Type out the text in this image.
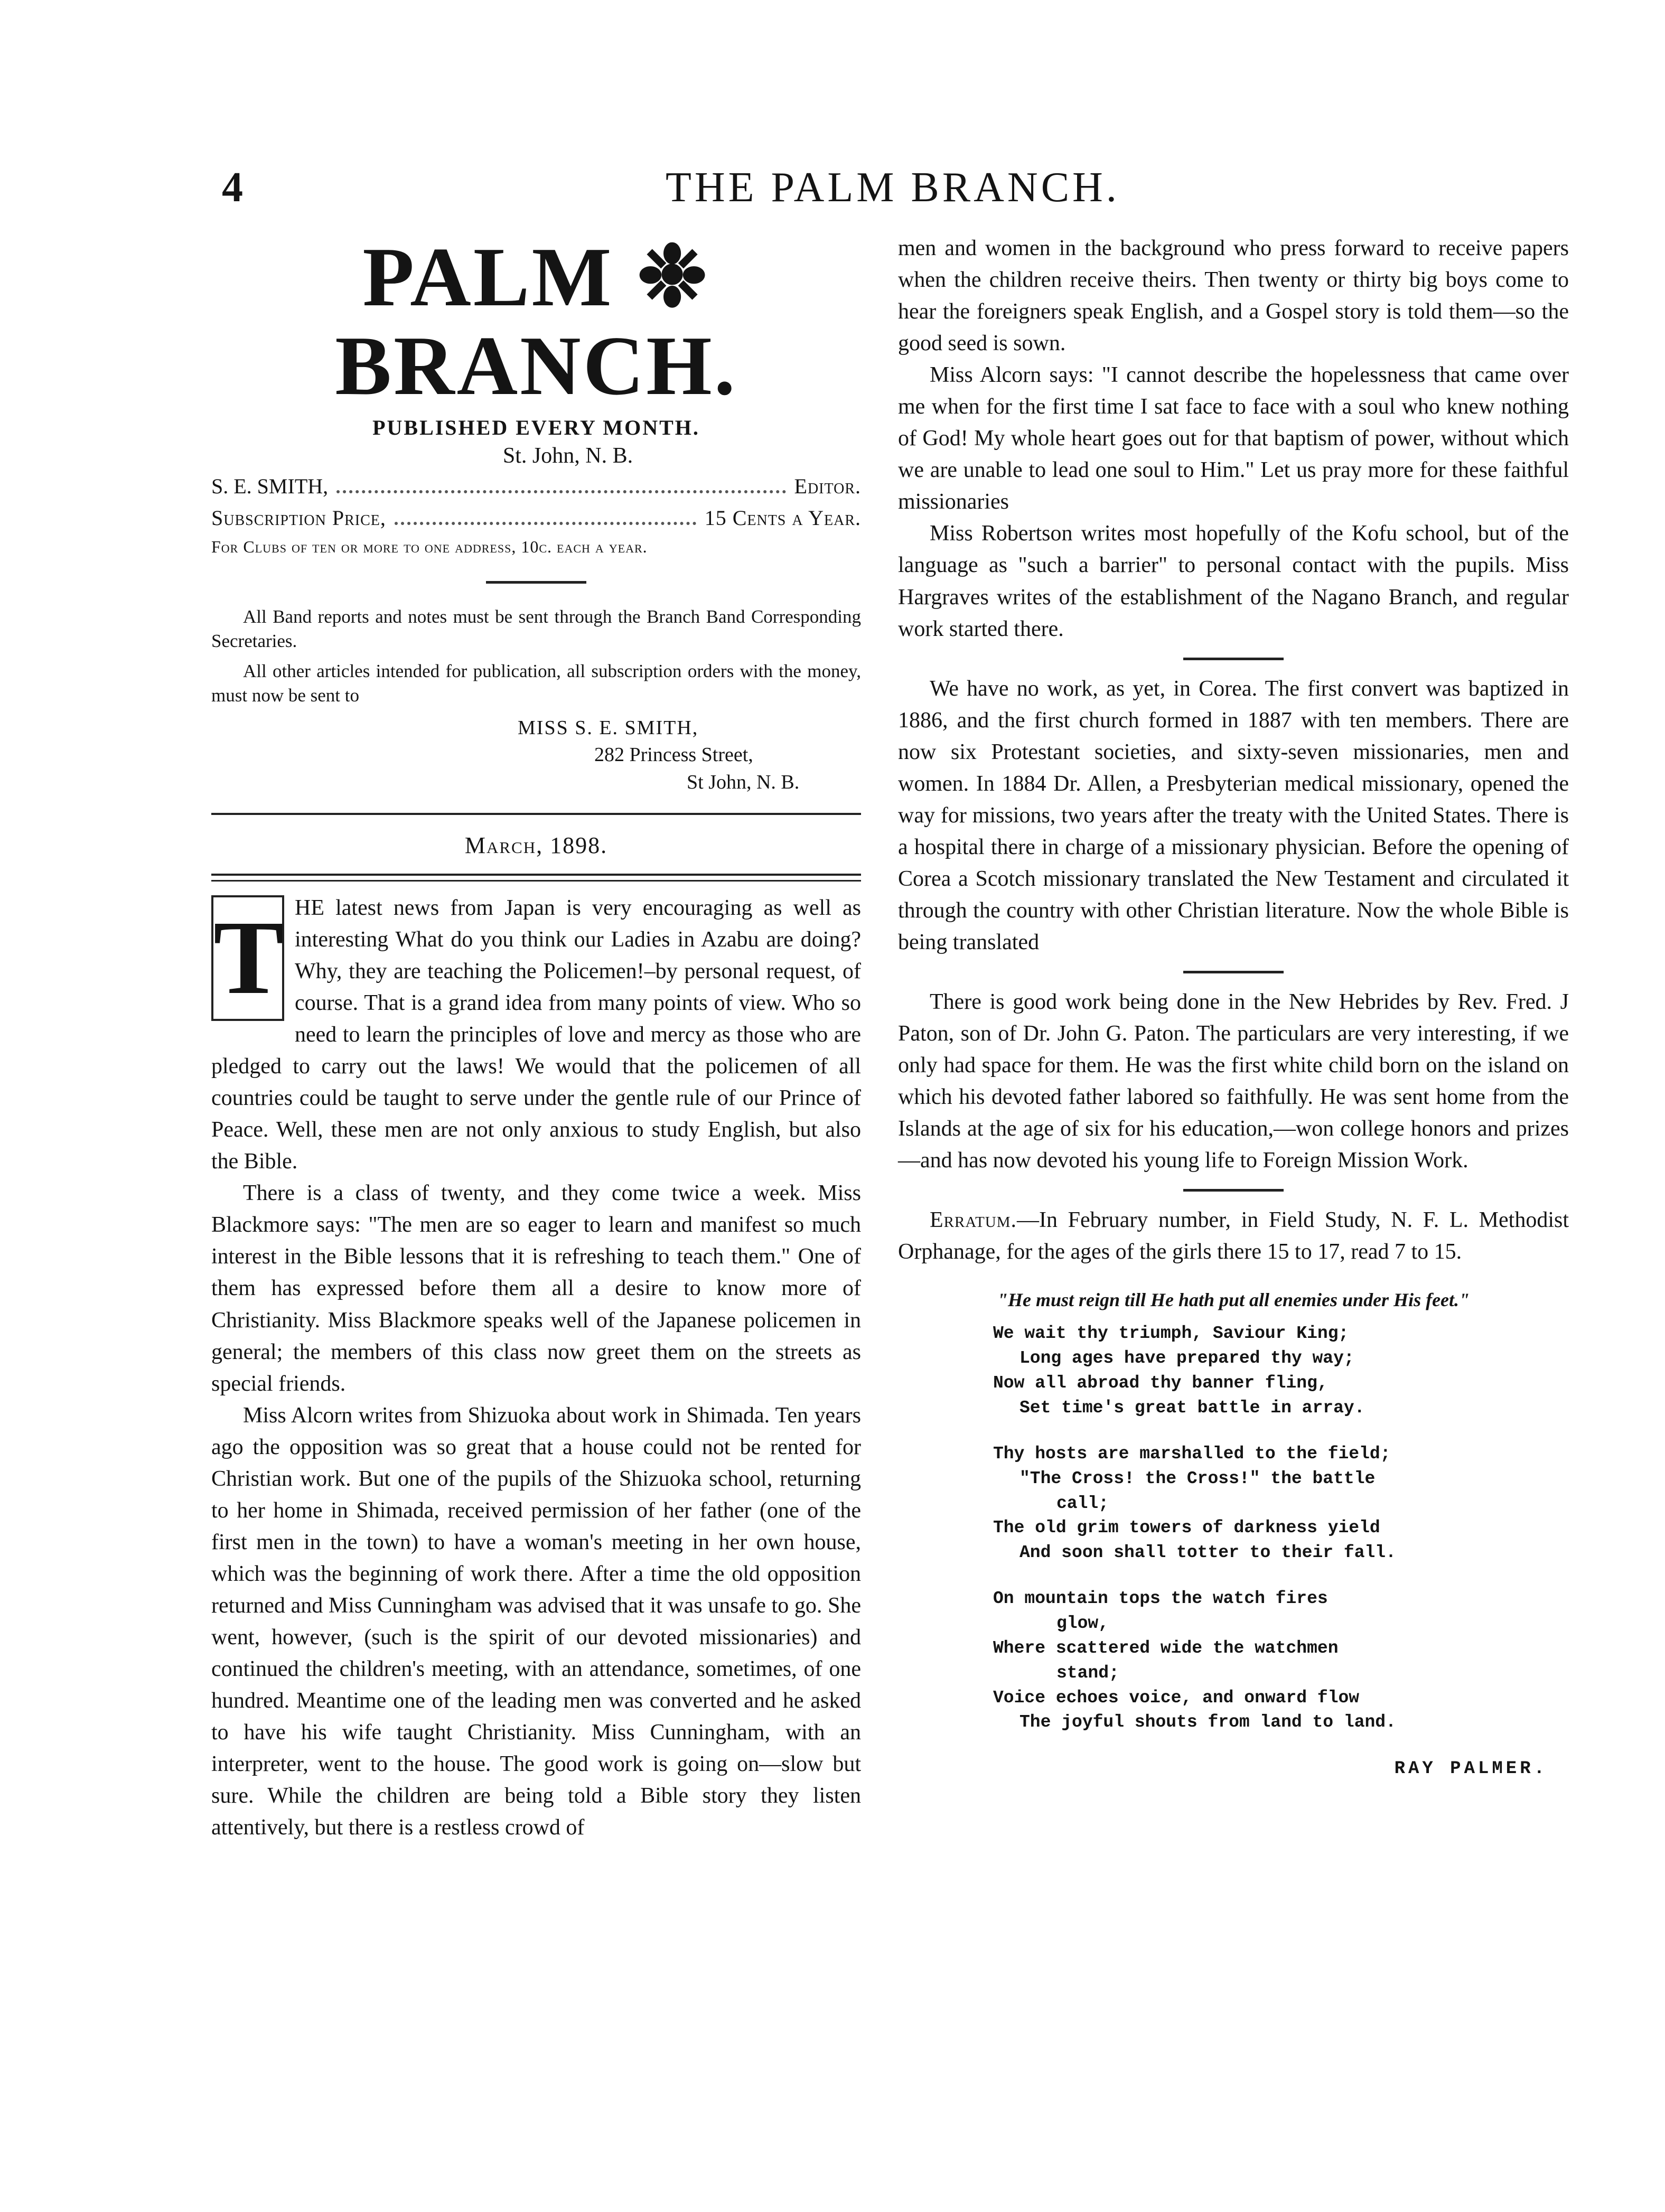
4	THE PALM BRANCH.
PALM ❉ BRANCH.
PUBLISHED EVERY MONTH.
St. John, N. B.
S. E. SMITH,	Editor.
Subscription Price,	15 Cents a Year.
For Clubs of ten or more to one address, 10c. each a year.

All Band reports and notes must be sent through the Branch Band Corresponding Secretaries.

All other articles intended for publication, all subscription orders with the money, must now be sent to

MISS S. E. SMITH,
282 Princess Street,
St John, N. B.
March, 1898.
T HE latest news from Japan is very encouraging as well as interesting What do you think our Ladies in Azabu are doing? Why, they are teaching the Policemen!–by personal request, of course. That is a grand idea from many points of view. Who so need to learn the principles of love and mercy as those who are pledged to carry out the laws! We would that the policemen of all countries could be taught to serve under the gentle rule of our Prince of Peace. Well, these men are not only anxious to study English, but also the Bible.

There is a class of twenty, and they come twice a week. Miss Blackmore says: "The men are so eager to learn and manifest so much interest in the Bible lessons that it is refreshing to teach them." One of them has expressed before them all a desire to know more of Christianity. Miss Blackmore speaks well of the Japanese policemen in general; the members of this class now greet them on the streets as special friends.

Miss Alcorn writes from Shizuoka about work in Shimada. Ten years ago the opposition was so great that a house could not be rented for Christian work. But one of the pupils of the Shizuoka school, returning to her home in Shimada, received permission of her father (one of the first men in the town) to have a woman's meeting in her own house, which was the beginning of work there. After a time the old opposition returned and Miss Cunningham was advised that it was unsafe to go. She went, however, (such is the spirit of our devoted missionaries) and continued the children's meeting, with an attendance, sometimes, of one hundred. Meantime one of the leading men was converted and he asked to have his wife taught Christianity. Miss Cunningham, with an interpreter, went to the house. The good work is going on—slow but sure. While the children are being told a Bible story they listen attentively, but there is a restless crowd of

men and women in the background who press forward to receive papers when the children receive theirs. Then twenty or thirty big boys come to hear the foreigners speak English, and a Gospel story is told them—so the good seed is sown.

Miss Alcorn says: "I cannot describe the hopelessness that came over me when for the first time I sat face to face with a soul who knew nothing of God! My whole heart goes out for that baptism of power, without which we are unable to lead one soul to Him." Let us pray more for these faithful missionaries

Miss Robertson writes most hopefully of the Kofu school, but of the language as "such a barrier" to personal contact with the pupils. Miss Hargraves writes of the establishment of the Nagano Branch, and regular work started there.

We have no work, as yet, in Corea. The first convert was baptized in 1886, and the first church formed in 1887 with ten members. There are now six Protestant societies, and sixty-seven missionaries, men and women. In 1884 Dr. Allen, a Presbyterian medical missionary, opened the way for missions, two years after the treaty with the United States. There is a hospital there in charge of a missionary physician. Before the opening of Corea a Scotch missionary translated the New Testament and circulated it through the country with other Christian literature. Now the whole Bible is being translated

There is good work being done in the New Hebrides by Rev. Fred. J Paton, son of Dr. John G. Paton. The particulars are very interesting, if we only had space for them. He was the first white child born on the island on which his devoted father labored so faithfully. He was sent home from the Islands at the age of six for his education,—won college honors and prizes—and has now devoted his young life to Foreign Mission Work.

Erratum.—In February number, in Field Study, N. F. L. Methodist Orphanage, for the ages of the girls there 15 to 17, read 7 to 15.

"He must reign till He hath put all enemies under His feet."
We wait thy triumph, Saviour King;
Long ages have prepared thy way;
Now all abroad thy banner fling,
Set time's great battle in array.
Thy hosts are marshalled to the field;
"The Cross! the Cross!" the battle
call;
The old grim towers of darkness yield
And soon shall totter to their fall.
On mountain tops the watch fires
glow,
Where scattered wide the watchmen
stand;
Voice echoes voice, and onward flow
The joyful shouts from land to land.
RAY PALMER.
